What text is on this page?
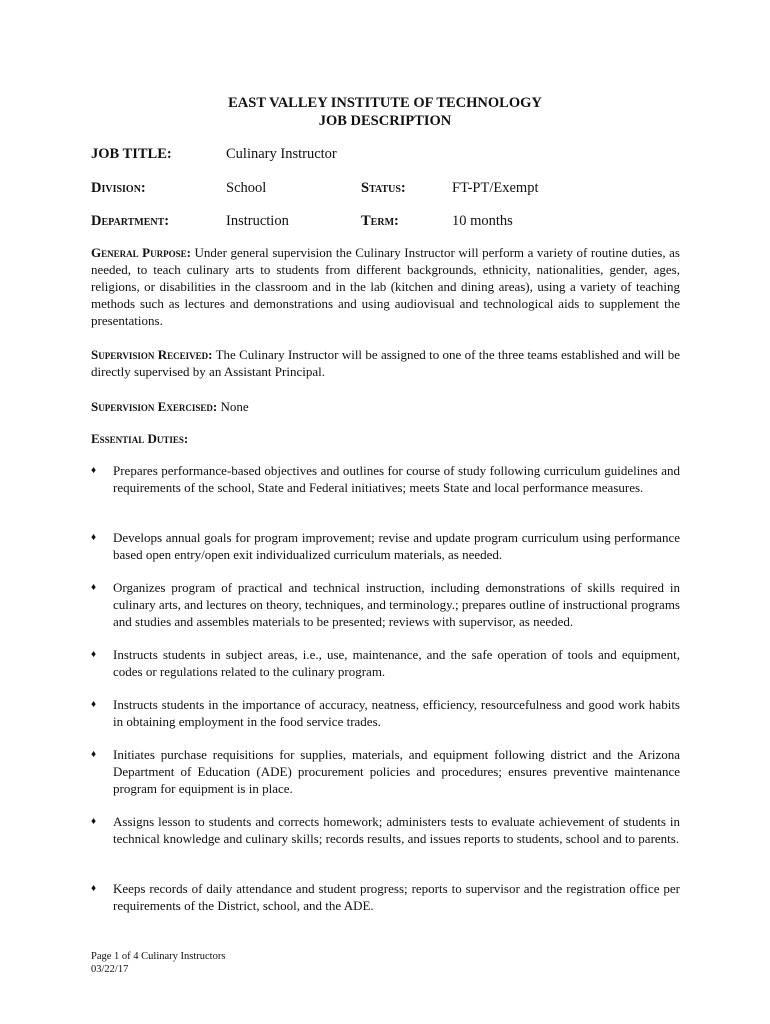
EAST VALLEY INSTITUTE OF TECHNOLOGY
JOB DESCRIPTION
JOB TITLE:	Culinary Instructor
Division:	School	Status:	FT-PT/Exempt
Department:	Instruction	Term:	10 months
General Purpose: Under general supervision the Culinary Instructor will perform a variety of routine duties, as needed, to teach culinary arts to students from different backgrounds, ethnicity, nationalities, gender, ages, religions, or disabilities in the classroom and in the lab (kitchen and dining areas), using a variety of teaching methods such as lectures and demonstrations and using audiovisual and technological aids to supplement the presentations.
Supervision Received: The Culinary Instructor will be assigned to one of the three teams established and will be directly supervised by an Assistant Principal.
Supervision Exercised: None
Essential Duties:
♦ Prepares performance-based objectives and outlines for course of study following curriculum guidelines and requirements of the school, State and Federal initiatives; meets State and local performance measures.
♦ Develops annual goals for program improvement; revise and update program curriculum using performance based open entry/open exit individualized curriculum materials, as needed.
♦ Organizes program of practical and technical instruction, including demonstrations of skills required in culinary arts, and lectures on theory, techniques, and terminology.; prepares outline of instructional programs and studies and assembles materials to be presented; reviews with supervisor, as needed.
♦ Instructs students in subject areas, i.e., use, maintenance, and the safe operation of tools and equipment, codes or regulations related to the culinary program.
♦ Instructs students in the importance of accuracy, neatness, efficiency, resourcefulness and good work habits in obtaining employment in the food service trades.
♦ Initiates purchase requisitions for supplies, materials, and equipment following district and the Arizona Department of Education (ADE) procurement policies and procedures; ensures preventive maintenance program for equipment is in place.
♦ Assigns lesson to students and corrects homework; administers tests to evaluate achievement of students in technical knowledge and culinary skills; records results, and issues reports to students, school and to parents.
♦ Keeps records of daily attendance and student progress; reports to supervisor and the registration office per requirements of the District, school, and the ADE.
Page 1 of 4 Culinary Instructors
03/22/17
